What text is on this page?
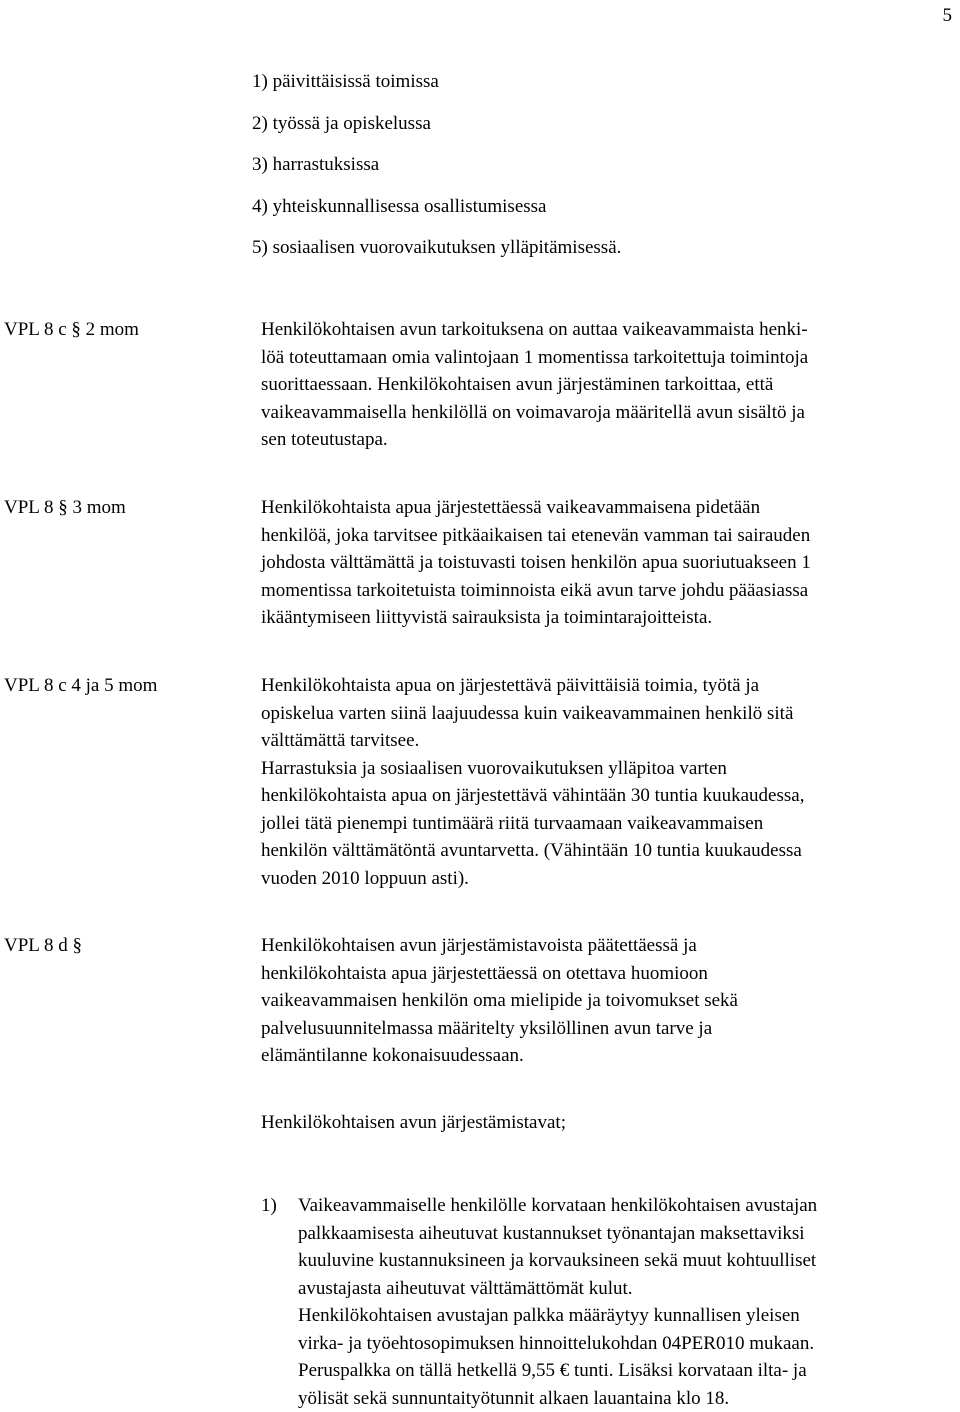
5
1) päivittäisissä toimissa
2) työssä ja opiskelussa
3) harrastuksissa
4) yhteiskunnallisessa osallistumisessa
5) sosiaalisen vuorovaikutuksen ylläpitämisessä.
VPL 8 c § 2 mom	Henkilökohtaisen avun tarkoituksena on auttaa vaikeavammaista henki-
löä toteuttamaan omia valintojaan 1 momentissa tarkoitettuja toimintoja
suorittaessaan. Henkilökohtaisen avun järjestäminen tarkoittaa, että
vaikeavammaisella henkilöllä on voimavaroja määritellä avun sisältö ja
sen toteutustapa.
VPL 8 § 3 mom	Henkilökohtaista apua järjestettäessä vaikeavammaisena pidetään
henkilöä, joka tarvitsee pitkäaikaisen tai etenevän vamman tai sairauden
johdosta välttämättä ja toistuvasti toisen henkilön apua suoriutuakseen 1
momentissa tarkoitetuista toiminnoista eikä avun tarve johdu pääasiassa
ikääntymiseen liittyvistä sairauksista ja toimintarajoitteista.
VPL 8 c 4 ja 5 mom	Henkilökohtaista apua on järjestettävä päivittäisiä toimia, työtä ja
opiskelua varten siinä laajuudessa kuin vaikeavammainen henkilö sitä
välttämättä tarvitsee.
Harrastuksia ja sosiaalisen vuorovaikutuksen ylläpitoa varten
henkilökohtaista apua on järjestettävä vähintään 30 tuntia kuukaudessa,
jollei tätä pienempi tuntimäärä riitä turvaamaan vaikeavammaisen
henkilön välttämätöntä avuntarvetta. (Vähintään 10 tuntia kuukaudessa
vuoden 2010 loppuun asti).
VPL 8 d §	Henkilökohtaisen avun järjestämistavoista päätettäessä ja
henkilökohtaista apua järjestettäessä on otettava huomioon
vaikeavammaisen henkilön oma mielipide ja toivomukset sekä
palvelusuunnitelmassa määritelty yksilöllinen avun tarve ja
elämäntilanne kokonaisuudessaan.
Henkilökohtaisen avun järjestämistavat;
1) Vaikeavammaiselle henkilölle korvataan henkilökohtaisen avustajan
palkkaamisesta aiheutuvat kustannukset työnantajan maksettaviksi
kuuluvine kustannuksineen ja korvauksineen sekä muut kohtuulliset
avustajasta aiheutuvat välttämättömät kulut.
Henkilökohtaisen avustajan palkka määräytyy kunnallisen yleisen
virka- ja työehtosopimuksen hinnoittelukohdan 04PER010 mukaan.
Peruspalkka on tällä hetkellä 9,55 € tunti. Lisäksi korvataan ilta- ja
yölisät sekä sunnuntaityötunnit alkaen lauantaina klo 18.
